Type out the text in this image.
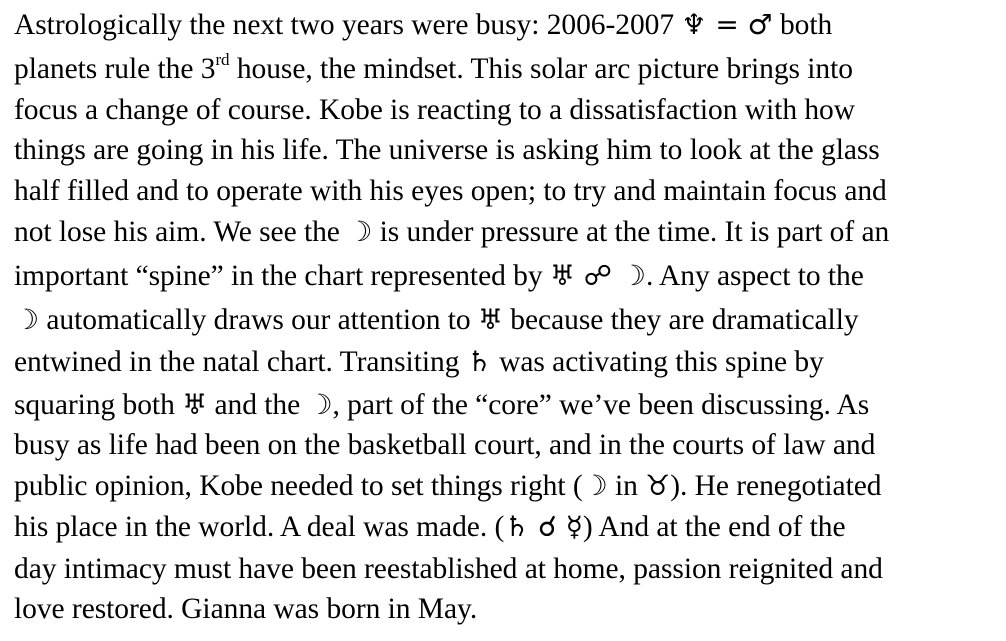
Astrologically the next two years were busy: 2006-2007 ♆ = ♂ both
planets rule the 3rd house, the mindset. This solar arc picture brings into
focus a change of course. Kobe is reacting to a dissatisfaction with how
things are going in his life. The universe is asking him to look at the glass
half filled and to operate with his eyes open; to try and maintain focus and
not lose his aim. We see the ☽ is under pressure at the time. It is part of an
important “spine” in the chart represented by ♅ ☍ ☽. Any aspect to the
☽ automatically draws our attention to ♅ because they are dramatically
entwined in the natal chart. Transiting ♄ was activating this spine by
squaring both ♅ and the ☽, part of the “core” we’ve been discussing. As
busy as life had been on the basketball court, and in the courts of law and
public opinion, Kobe needed to set things right (☽ in ♉). He renegotiated
his place in the world. A deal was made. (♄ ☌ ☿) And at the end of the
day intimacy must have been reestablished at home, passion reignited and
love restored. Gianna was born in May.
